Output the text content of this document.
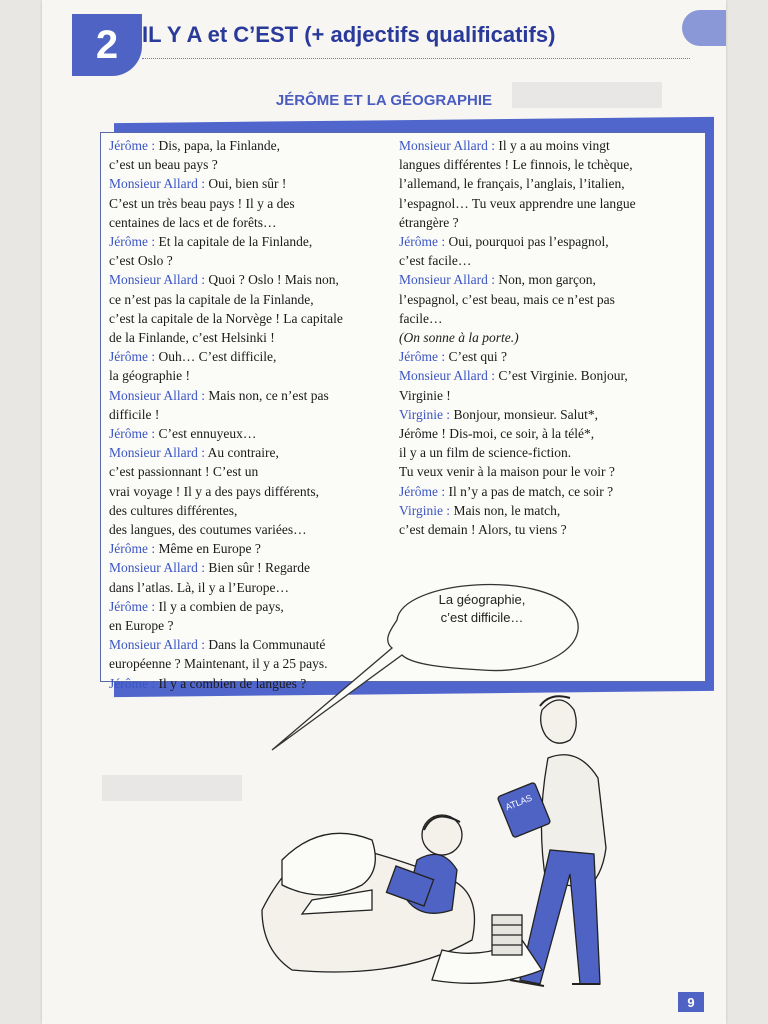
2	IL Y A et C’EST (+ adjectifs qualificatifs)
JÉRÔME ET LA GÉOGRAPHIE
Jérôme : Dis, papa, la Finlande,
c’est un beau pays ?
Monsieur Allard : Oui, bien sûr !
C’est un très beau pays ! Il y a des
centaines de lacs et de forêts…
Jérôme : Et la capitale de la Finlande,
c’est Oslo ?
Monsieur Allard : Quoi ? Oslo ! Mais non,
ce n’est pas la capitale de la Finlande,
c’est la capitale de la Norvège ! La capitale
de la Finlande, c’est Helsinki !
Jérôme : Ouh… C’est difficile,
la géographie !
Monsieur Allard : Mais non, ce n’est pas
difficile !
Jérôme : C’est ennuyeux…
Monsieur Allard : Au contraire,
c’est passionnant ! C’est un
vrai voyage ! Il y a des pays différents,
des cultures différentes,
des langues, des coutumes variées…
Jérôme : Même en Europe ?
Monsieur Allard : Bien sûr ! Regarde
dans l’atlas. Là, il y a l’Europe…
Jérôme : Il y a combien de pays,
en Europe ?
Monsieur Allard : Dans la Communauté
européenne ? Maintenant, il y a 25 pays.
Jérôme : Il y a combien de langues ?
Monsieur Allard : Il y a au moins vingt
langues différentes ! Le finnois, le tchèque,
l’allemand, le français, l’anglais, l’italien,
l’espagnol… Tu veux apprendre une langue
étrangère ?
Jérôme : Oui, pourquoi pas l’espagnol,
c’est facile…
Monsieur Allard : Non, mon garçon,
l’espagnol, c’est beau, mais ce n’est pas
facile…
(On sonne à la porte.)
Jérôme : C’est qui ?
Monsieur Allard : C’est Virginie. Bonjour,
Virginie !
Virginie : Bonjour, monsieur. Salut*,
Jérôme ! Dis-moi, ce soir, à la télé*,
il y a un film de science-fiction.
Tu veux venir à la maison pour le voir ?
Jérôme : Il n’y a pas de match, ce soir ?
Virginie : Mais non, le match,
c’est demain ! Alors, tu viens ?
La géographie,
c’est difficile…
ATLAS
9
